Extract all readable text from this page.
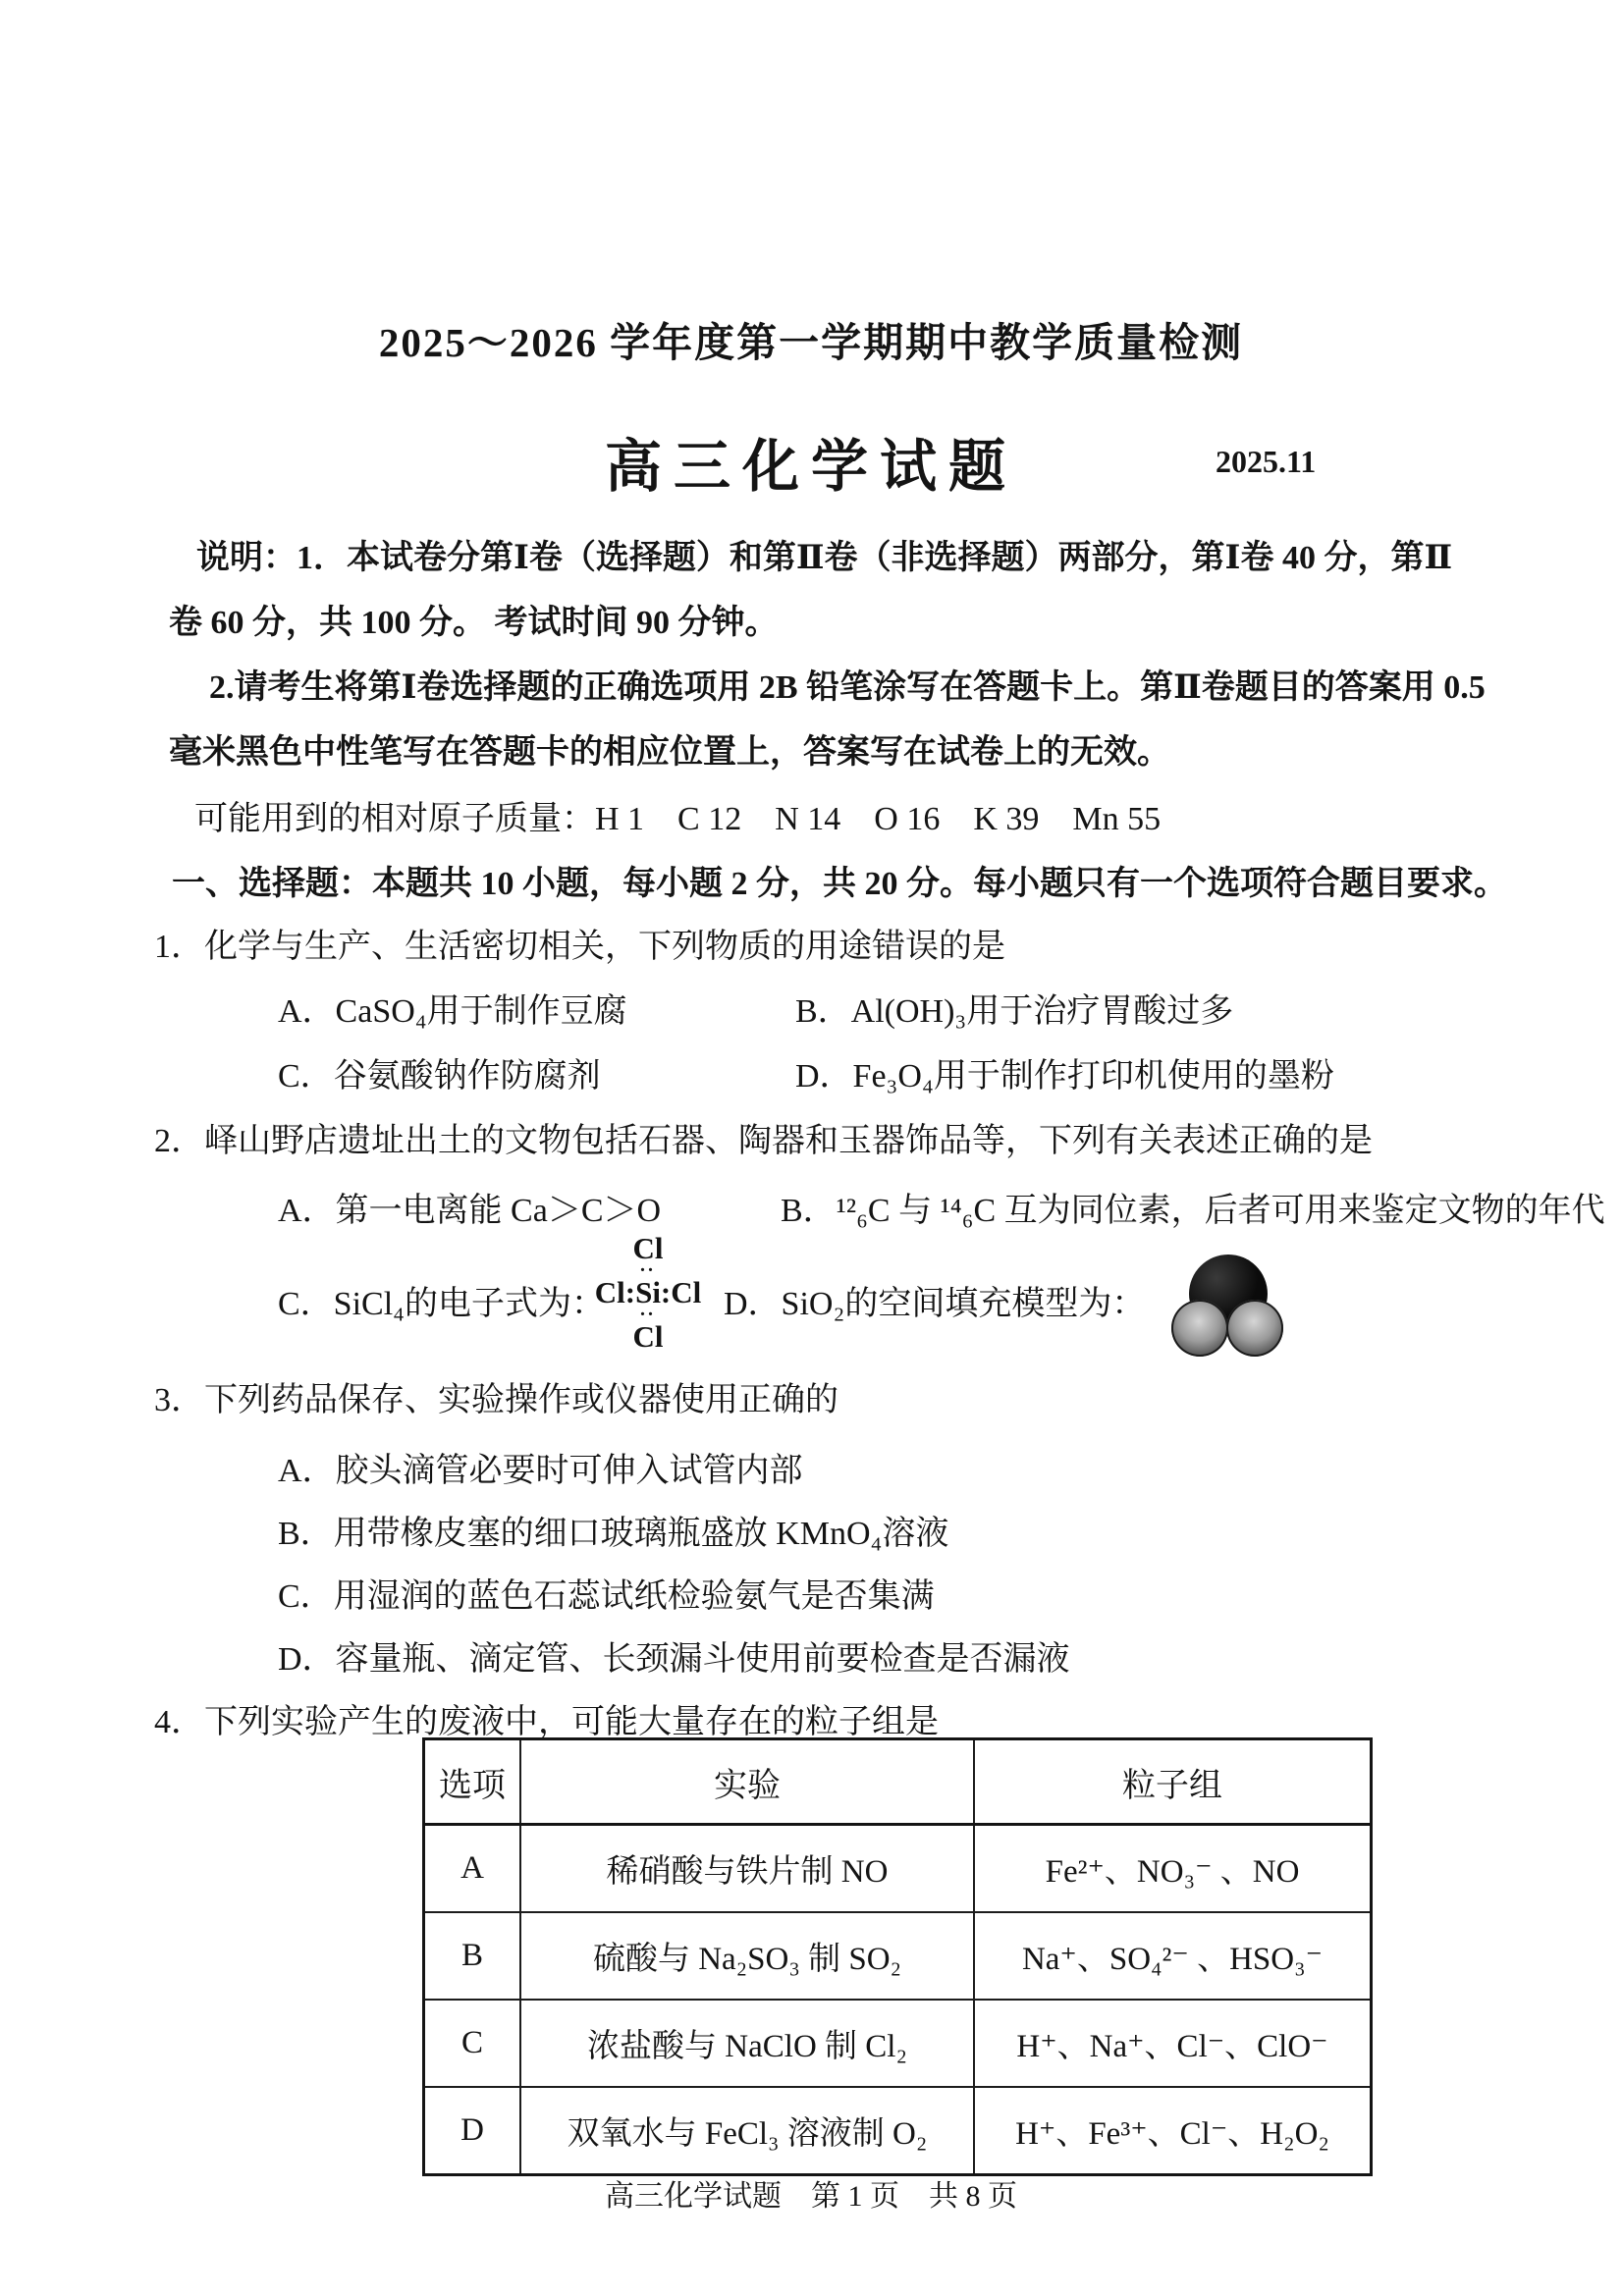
2025～2026 学年度第一学期期中教学质量检测
高三化学试题	2025.11
说明：1．本试卷分第Ⅰ卷（选择题）和第Ⅱ卷（非选择题）两部分，第Ⅰ卷 40 分，第Ⅱ
卷 60 分，共 100 分。 考试时间 90 分钟。
2.请考生将第Ⅰ卷选择题的正确选项用 2B 铅笔涂写在答题卡上。第Ⅱ卷题目的答案用 0.5
毫米黑色中性笔写在答题卡的相应位置上，答案写在试卷上的无效。
可能用到的相对原子质量：H 1　C 12　N 14　O 16　K 39　Mn 55
一、选择题：本题共 10 小题，每小题 2 分，共 20 分。每小题只有一个选项符合题目要求。
1．化学与生产、生活密切相关，下列物质的用途错误的是
A．CaSO₄用于制作豆腐	B．Al(OH)₃用于治疗胃酸过多
C．谷氨酸钠作防腐剂	D．Fe₃O₄用于制作打印机使用的墨粉
2．峄山野店遗址出土的文物包括石器、陶器和玉器饰品等，下列有关表述正确的是
A．第一电离能 Ca＞C＞O	B．¹²₆C 与 ¹⁴₆C 互为同位素，后者可用来鉴定文物的年代
C．SiCl₄的电子式为：
Cl
∙∙
Cl:Si:Cl
∙∙
Cl
D．SiO₂的空间填充模型为：
3．下列药品保存、实验操作或仪器使用正确的
A．胶头滴管必要时可伸入试管内部
B．用带橡皮塞的细口玻璃瓶盛放 KMnO₄溶液
C．用湿润的蓝色石蕊试纸检验氨气是否集满
D．容量瓶、滴定管、长颈漏斗使用前要检查是否漏液
4．下列实验产生的废液中，可能大量存在的粒子组是
选项	实验	粒子组
A	稀硝酸与铁片制 NO	Fe²⁺、NO₃⁻ 、NO
B	硫酸与 Na₂SO₃ 制 SO₂	Na⁺、SO₄²⁻ 、HSO₃⁻
C	浓盐酸与 NaClO 制 Cl₂	H⁺、Na⁺、Cl⁻、ClO⁻
D	双氧水与 FeCl₃ 溶液制 O₂	H⁺、Fe³⁺、Cl⁻、H₂O₂
高三化学试题　第 1 页　共 8 页
